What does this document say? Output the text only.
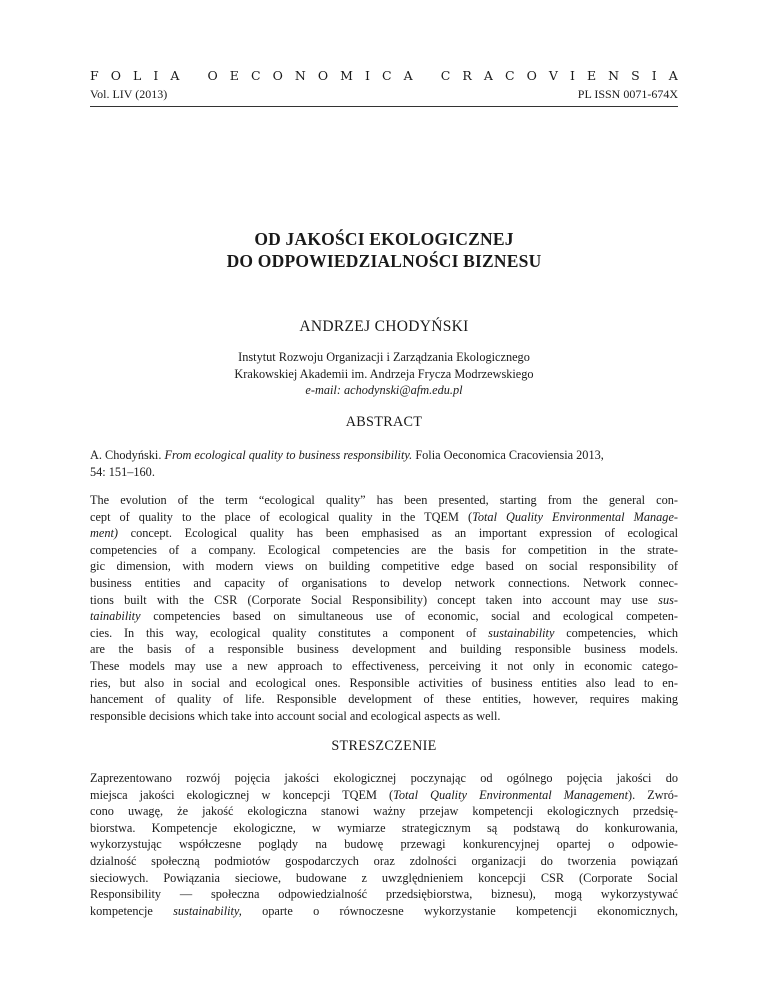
F O L I A
O E C O N O M I C A
C R A C O V I E N S I A
Vol. LIV (2013)	PL ISSN 0071-674X
OD JAKOŚCI EKOLOGICZNEJ
DO ODPOWIEDZIALNOŚCI BIZNESU
ANDRZEJ CHODYŃSKI
Instytut Rozwoju Organizacji i Zarządzania Ekologicznego
Krakowskiej Akademii im. Andrzeja Frycza Modrzewskiego
e-mail: achodynski@afm.edu.pl
ABSTRACT
A. Chodyński. From ecological quality to business responsibility. Folia Oeconomica Cracoviensia 2013,
54: 151–160.
The evolution of the term “ecological quality” has been presented, starting from the general con-
cept of quality to the place of ecological quality in the TQEM (Total Quality Environmental Manage-
ment) concept. Ecological quality has been emphasised as an important expression of ecological
competencies of a company. Ecological competencies are the basis for competition in the strate-
gic dimension, with modern views on building competitive edge based on social responsibility of
business entities and capacity of organisations to develop network connections. Network connec-
tions built with the CSR (Corporate Social Responsibility) concept taken into account may use sus-
tainability competencies based on simultaneous use of economic, social and ecological competen-
cies. In this way, ecological quality constitutes a component of sustainability competencies, which
are the basis of a responsible business development and building responsible business models.
These models may use a new approach to effectiveness, perceiving it not only in economic catego-
ries, but also in social and ecological ones. Responsible activities of business entities also lead to en-
hancement of quality of life. Responsible development of these entities, however, requires making
responsible decisions which take into account social and ecological aspects as well.
STRESZCZENIE
Zaprezentowano rozwój pojęcia jakości ekologicznej poczynając od ogólnego pojęcia jakości do
miejsca jakości ekologicznej w koncepcji TQEM (Total Quality Environmental Management). Zwró-
cono uwagę, że jakość ekologiczna stanowi ważny przejaw kompetencji ekologicznych przedsię-
biorstwa. Kompetencje ekologiczne, w wymiarze strategicznym są podstawą do konkurowania,
wykorzystując współczesne poglądy na budowę przewagi konkurencyjnej opartej o odpowie-
dzialność społeczną podmiotów gospodarczych oraz zdolności organizacji do tworzenia powiązań
sieciowych. Powiązania sieciowe, budowane z uwzględnieniem koncepcji CSR (Corporate Social
Responsibility — społeczna odpowiedzialność przedsiębiorstwa, biznesu), mogą wykorzystywać
kompetencje sustainability, oparte o równoczesne wykorzystanie kompetencji ekonomicznych,
